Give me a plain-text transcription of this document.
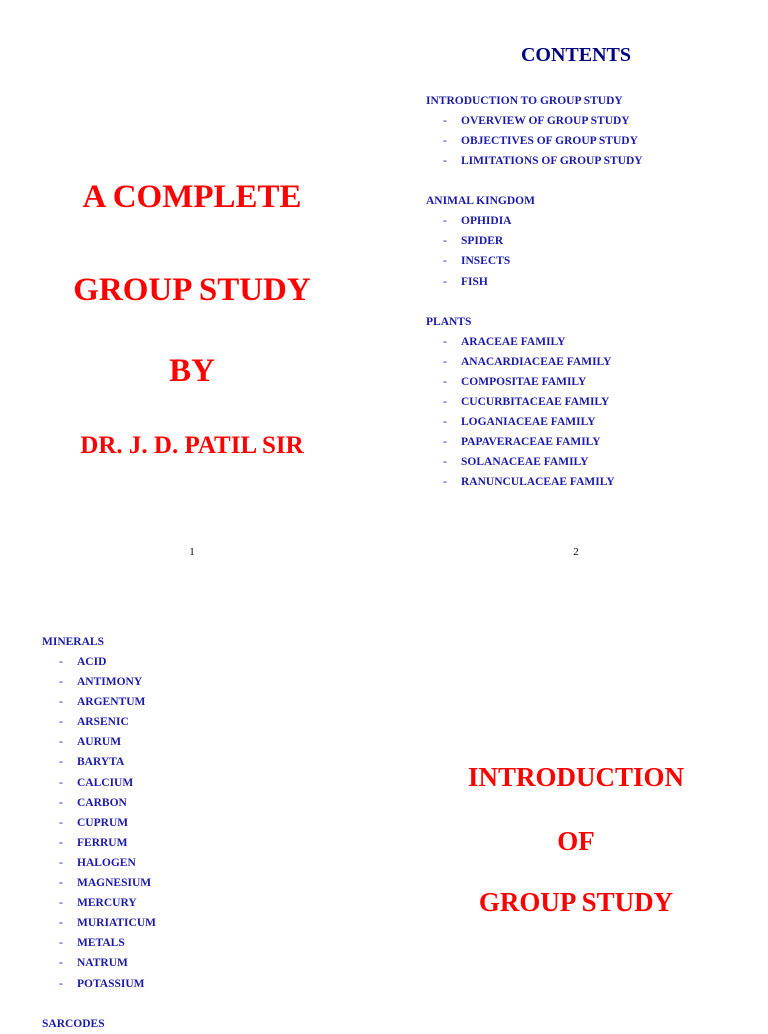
A COMPLETE
GROUP STUDY
BY
DR. J. D. PATIL SIR
1
CONTENTS
INTRODUCTION TO GROUP STUDY
- OVERVIEW OF GROUP STUDY
- OBJECTIVES OF GROUP STUDY
- LIMITATIONS OF GROUP STUDY
ANIMAL KINGDOM
- OPHIDIA
- SPIDER
- INSECTS
- FISH
PLANTS
- ARACEAE FAMILY
- ANACARDIACEAE FAMILY
- COMPOSITAE FAMILY
- CUCURBITACEAE FAMILY
- LOGANIACEAE FAMILY
- PAPAVERACEAE FAMILY
- SOLANACEAE FAMILY
- RANUNCULACEAE FAMILY
2
MINERALS
- ACID
- ANTIMONY
- ARGENTUM
- ARSENIC
- AURUM
- BARYTA
- CALCIUM
- CARBON
- CUPRUM
- FERRUM
- HALOGEN
- MAGNESIUM
- MERCURY
- MURIATICUM
- METALS
- NATRUM
- POTASSIUM
SARCODES
INTRODUCTION
OF
GROUP STUDY
